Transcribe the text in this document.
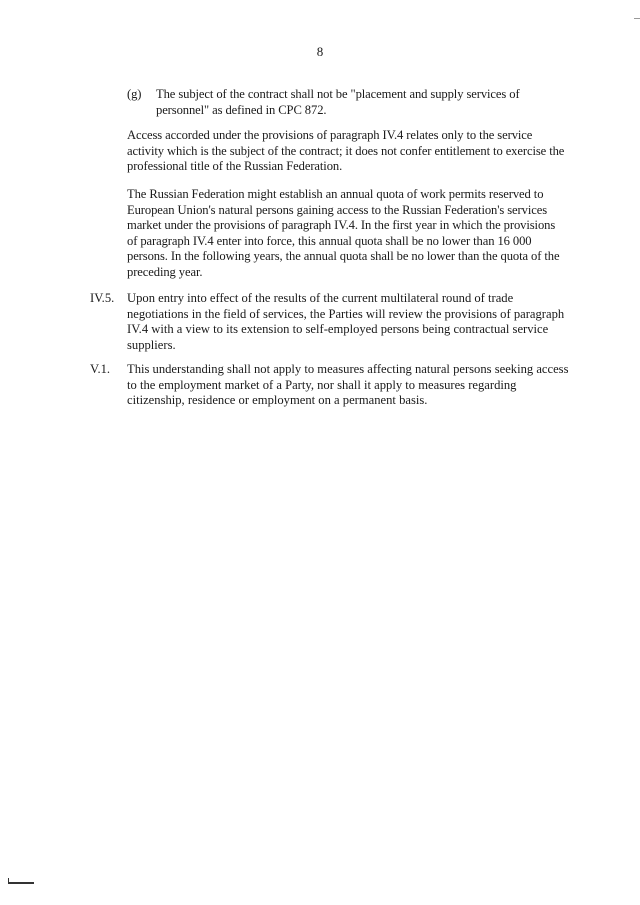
8
(g) The subject of the contract shall not be "placement and supply services of personnel" as defined in CPC 872.

Access accorded under the provisions of paragraph IV.4 relates only to the service activity which is the subject of the contract; it does not confer entitlement to exercise the professional title of the Russian Federation.

The Russian Federation might establish an annual quota of work permits reserved to European Union's natural persons gaining access to the Russian Federation's services market under the provisions of paragraph IV.4. In the first year in which the provisions of paragraph IV.4 enter into force, this annual quota shall be no lower than 16 000 persons. In the following years, the annual quota shall be no lower than the quota of the preceding year.

IV.5. Upon entry into effect of the results of the current multilateral round of trade negotiations in the field of services, the Parties will review the provisions of paragraph IV.4 with a view to its extension to self-employed persons being contractual service suppliers.
V.1. This understanding shall not apply to measures affecting natural persons seeking access to the employment market of a Party, nor shall it apply to measures regarding citizenship, residence or employment on a permanent basis.
